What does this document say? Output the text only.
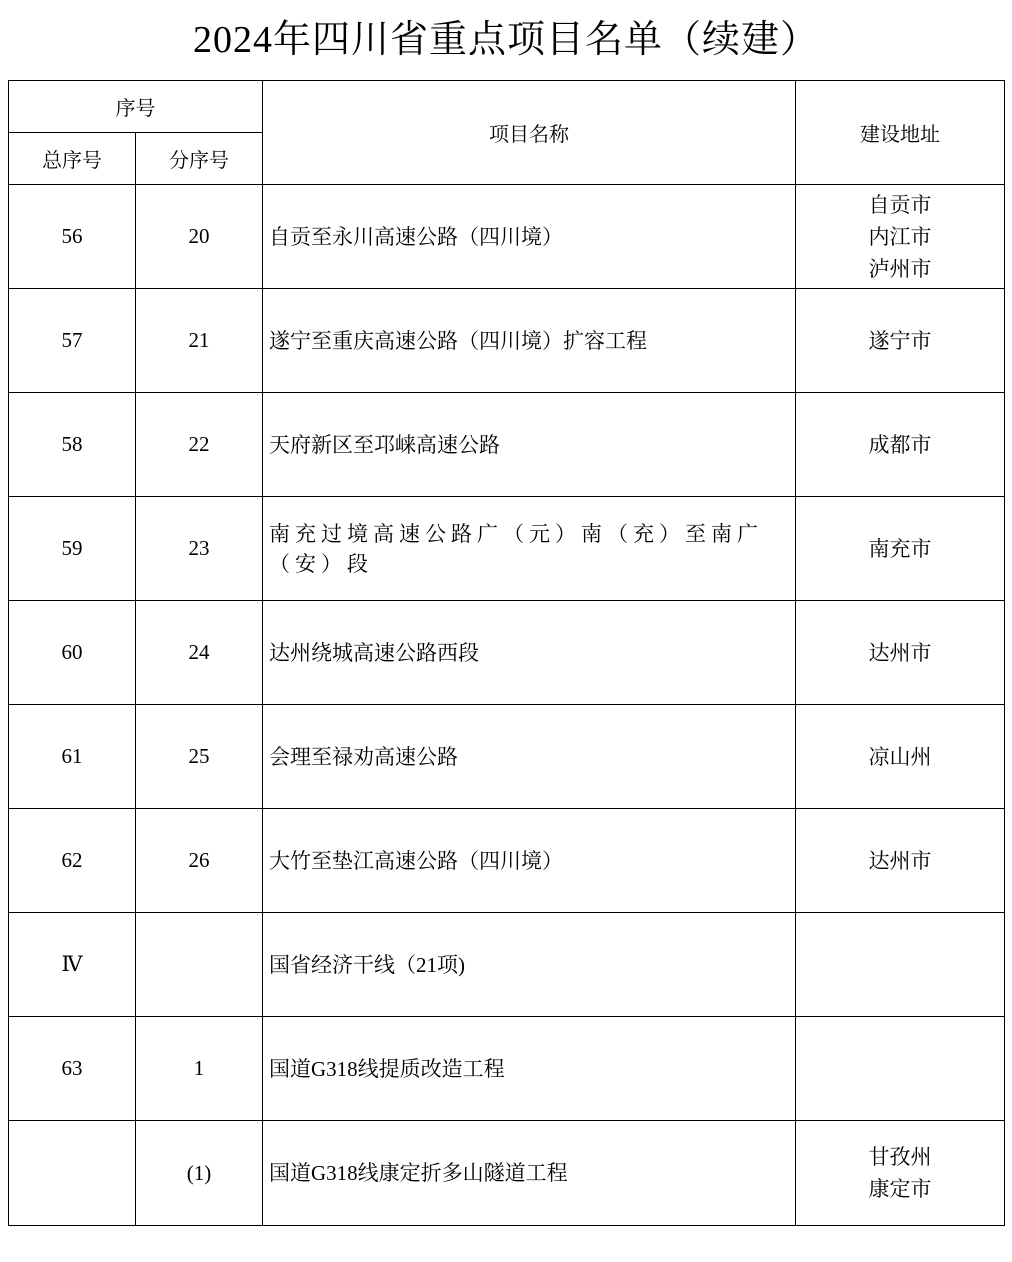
2024年四川省重点项目名单（续建）
序号		项目名称	建设地址
总序号	分序号		
56	20	自贡至永川高速公路（四川境）	自贡市
内江市
泸州市

57	21	遂宁至重庆高速公路（四川境）扩容工程	遂宁市

58	22	天府新区至邛崃高速公路	成都市

59	23	南充过境高速公路广（元）南（充）至南广（安）段	南充市

60	24	达州绕城高速公路西段	达州市

61	25	会理至禄劝高速公路	凉山州

62	26	大竹至垫江高速公路（四川境）	达州市

Ⅳ		国省经济干线（21项)	
63	1	国道G318线提质改造工程	
	(1)	国道G318线康定折多山隧道工程	甘孜州
康定市
